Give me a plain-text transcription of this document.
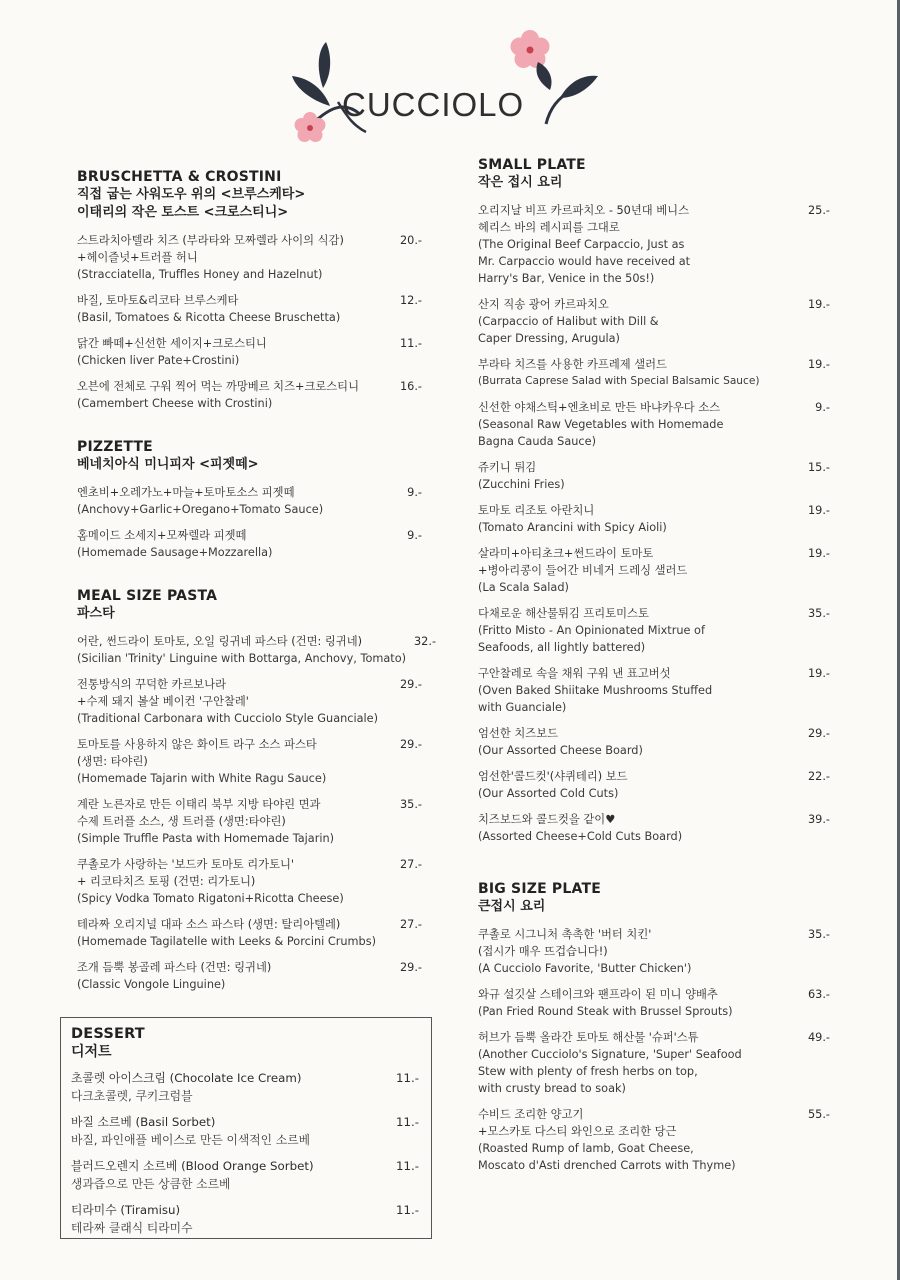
CUCCIOLO
BRUSCHETTA & CROSTINI
직접 굽는 사워도우 위의 <브루스케타>
이태리의 작은 토스트 <크로스티니>
스트라치아텔라 치즈 (부라타와 모짜렐라 사이의 식감)
+헤이즐넛+트러플 허니
(Stracciatella, Truffles Honey and Hazelnut)
20.-
바질, 토마토&리코타 브루스케타
(Basil, Tomatoes & Ricotta Cheese Bruschetta)
12.-
닭간 빠떼+신선한 세이지+크로스티니
(Chicken liver Pate+Crostini)
11.-
오븐에 전체로 구워 찍어 먹는 까망베르 치즈+크로스티니
(Camembert Cheese with Crostini)
16.-
PIZZETTE
베네치아식 미니피자 <피젯떼>
엔초비+오레가노+마늘+토마토소스 피젯떼
(Anchovy+Garlic+Oregano+Tomato Sauce)
9.-
홈메이드 소세지+모짜렐라 피젯떼
(Homemade Sausage+Mozzarella)
9.-
MEAL SIZE PASTA
파스타
어란, 썬드라이 토마토, 오일 링귀네 파스타 (건면: 링귀네)
(Sicilian 'Trinity' Linguine with Bottarga, Anchovy, Tomato)
32.-
전통방식의 꾸덕한 카르보나라
+수제 돼지 볼살 베이컨 '구안찰레'
(Traditional Carbonara with Cucciolo Style Guanciale)
29.-
토마토를 사용하지 않은 화이트 라구 소스 파스타
(생면: 타야린)
(Homemade Tajarin with White Ragu Sauce)
29.-
계란 노른자로 만든 이태리 북부 지방 타야린 면과
수제 트러플 소스, 생 트러플 (생면:타야린)
(Simple Truffle Pasta with Homemade Tajarin)
35.-
쿠촐로가 사랑하는 '보드카 토마토 리가토니'
+ 리코타치즈 토핑 (건면: 리가토니)
(Spicy Vodka Tomato Rigatoni+Ricotta Cheese)
27.-
테라짜 오리지널 대파 소스 파스타 (생면: 탈리아텔레)
(Homemade Tagilatelle with Leeks & Porcini Crumbs)
27.-
조개 듬뿍 봉골레 파스타 (건면: 링귀네)
(Classic Vongole Linguine)
29.-
DESSERT
디저트
초콜렛 아이스크림 (Chocolate Ice Cream)
다크초콜렛, 쿠키크럼블
11.-
바질 소르베 (Basil Sorbet)
바질, 파인애플 베이스로 만든 이색적인 소르베
11.-
블러드오렌지 소르베 (Blood Orange Sorbet)
생과즙으로 만든 상큼한 소르베
11.-
티라미수 (Tiramisu)
테라짜 클래식 티라미수
11.-
SMALL PLATE
작은 접시 요리
오리지날 비프 카르파치오 - 50년대 베니스
헤리스 바의 레시피를 그대로
(The Original Beef Carpaccio, Just as
Mr. Carpaccio would have received at
Harry's Bar, Venice in the 50s!)
25.-
산지 직송 광어 카르파치오
(Carpaccio of Halibut with Dill &
Caper Dressing, Arugula)
19.-
부라타 치즈를 사용한 카프레제 샐러드
(Burrata Caprese Salad with Special Balsamic Sauce)
19.-
신선한 야채스틱+엔초비로 만든 바냐카우다 소스
(Seasonal Raw Vegetables with Homemade
Bagna Cauda Sauce)
9.-
쥬키니 튀김
(Zucchini Fries)
15.-
토마토 리조토 아란치니
(Tomato Arancini with Spicy Aioli)
19.-
살라미+아티초크+썬드라이 토마토
+병아리콩이 들어간 비네거 드레싱 샐러드
(La Scala Salad)
19.-
다채로운 해산물튀김 프리토미스토
(Fritto Misto - An Opinionated Mixtrue of
Seafoods, all lightly battered)
35.-
구안찰레로 속을 채워 구워 낸 표고버섯
(Oven Baked Shiitake Mushrooms Stuffed
with Guanciale)
19.-
엄선한 치즈보드
(Our Assorted Cheese Board)
29.-
엄선한'콜드컷'(샤퀴테리) 보드
(Our Assorted Cold Cuts)
22.-
치즈보드와 콜드컷을 같이♥
(Assorted Cheese+Cold Cuts Board)
39.-
BIG SIZE PLATE
큰접시 요리
쿠촐로 시그니처 촉촉한 '버터 치킨'
(접시가 매우 뜨겁습니다!)
(A Cucciolo Favorite, 'Butter Chicken')
35.-
와규 설깃살 스테이크와 팬프라이 된 미니 양배추
(Pan Fried Round Steak with Brussel Sprouts)
63.-
허브가 듬뿍 올라간 토마토 해산물 '슈퍼'스튜
(Another Cucciolo's Signature, 'Super' Seafood
Stew with plenty of fresh herbs on top,
with crusty bread to soak)
49.-
수비드 조리한 양고기
+모스카토 다스티 와인으로 조리한 당근
(Roasted Rump of lamb, Goat Cheese,
Moscato d'Asti drenched Carrots with Thyme)
55.-
